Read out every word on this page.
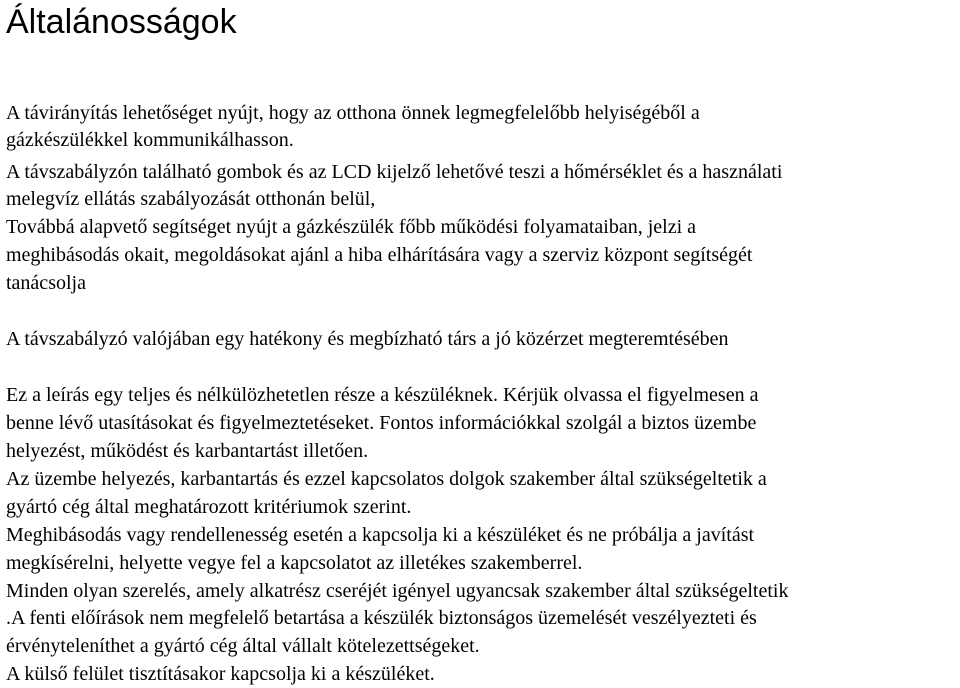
Általánosságok

A távirányítás lehetőséget nyújt, hogy az otthona önnek legmegfelelőbb helyiségéből a

gázkészülékkel kommunikálhasson.

A távszabályzón található gombok és az LCD kijelző lehetővé teszi a hőmérséklet és a használati

melegvíz ellátás szabályozását otthonán belül,

Továbbá alapvető segítséget nyújt a gázkészülék főbb működési folyamataiban, jelzi a

meghibásodás okait, megoldásokat ajánl a hiba elhárítására vagy a szerviz központ segítségét

tanácsolja

A távszabályzó valójában egy hatékony és megbízható társ a jó közérzet megteremtésében

Ez a leírás egy teljes és nélkülözhetetlen része a készüléknek. Kérjük olvassa el figyelmesen a

benne lévő utasításokat és figyelmeztetéseket. Fontos információkkal szolgál a biztos üzembe

helyezést, működést és karbantartást illetően.

Az üzembe helyezés, karbantartás és ezzel kapcsolatos dolgok szakember által szükségeltetik a

gyártó cég által meghatározott kritériumok szerint.

Meghibásodás vagy rendellenesség esetén a kapcsolja ki a készüléket és ne próbálja a javítást

megkísérelni, helyette vegye fel a kapcsolatot az illetékes szakemberrel.

Minden olyan szerelés, amely alkatrész cseréjét igényel ugyancsak szakember által szükségeltetik

.A fenti előírások nem megfelelő betartása a készülék biztonságos üzemelését veszélyezteti és

érvényteleníthet a gyártó cég által vállalt kötelezettségeket.

A külső felület tisztításakor kapcsolja ki a készüléket.
